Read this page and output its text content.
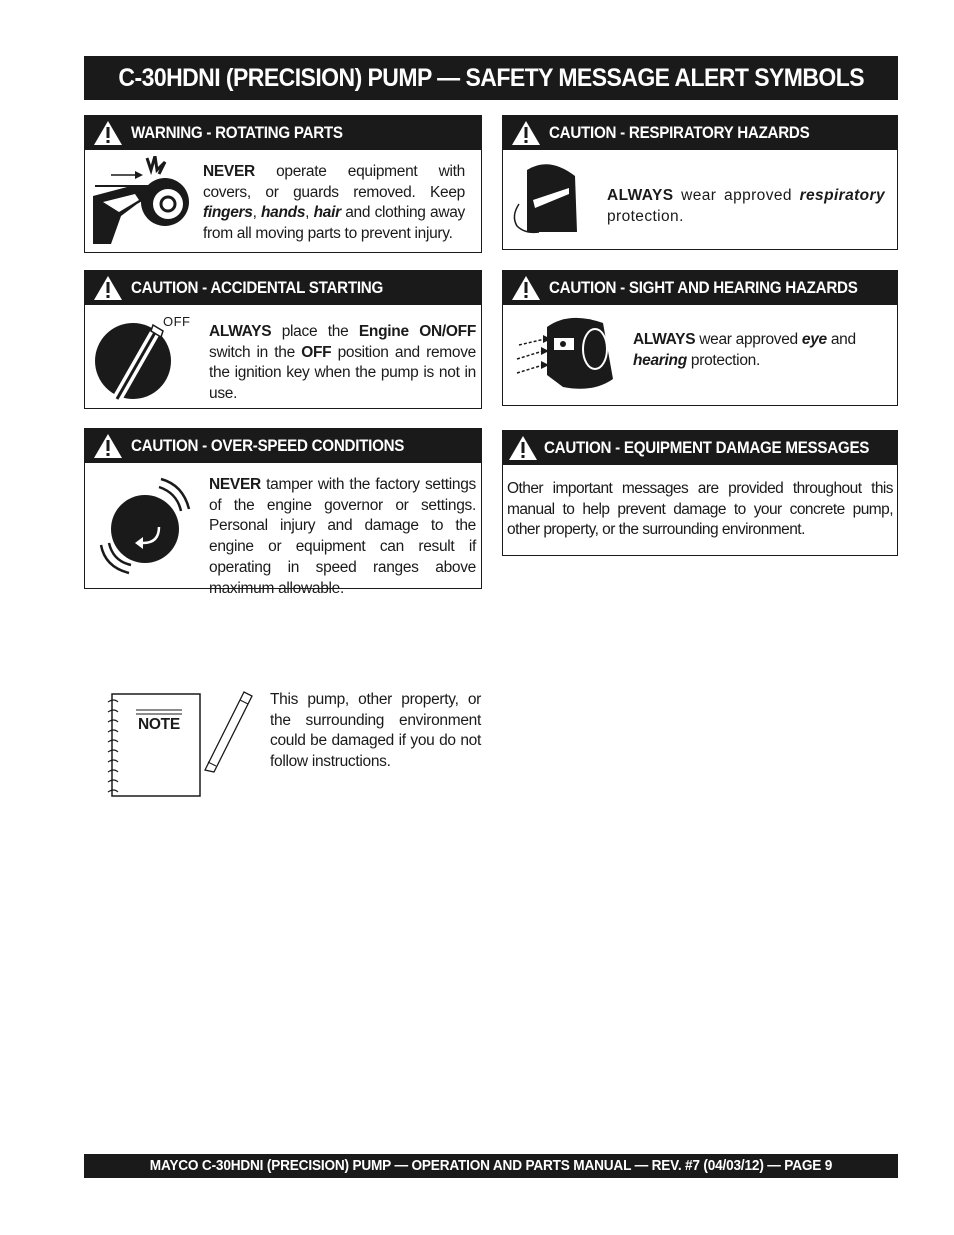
C-30HDNI (PRECISION) PUMP — SAFETY MESSAGE ALERT SYMBOLS
WARNING - ROTATING PARTS
NEVER operate equipment with covers, or guards removed. Keep fingers, hands, hair and clothing away from all moving parts to prevent injury.
CAUTION - RESPIRATORY HAZARDS
ALWAYS wear approved respiratory protection.
CAUTION - ACCIDENTAL STARTING
OFF
ALWAYS place the Engine ON/OFF switch in the OFF position and remove the ignition key when the pump is not in use.
CAUTION - SIGHT AND HEARING HAZARDS
ALWAYS wear approved eye and hearing protection.
CAUTION - OVER-SPEED CONDITIONS
NEVER tamper with the factory settings of the engine governor or settings. Personal injury and damage to the engine or equipment can result if operating in speed ranges above maximum allowable.
CAUTION - EQUIPMENT DAMAGE MESSAGES
Other important messages are provided throughout this manual to help prevent damage to your concrete pump, other property, or the surrounding environment.
NOTE
This pump, other property, or the surrounding environment could be damaged if you do not follow instructions.
MAYCO C-30HDNI (PRECISION) PUMP — OPERATION AND PARTS MANUAL — REV. #7 (04/03/12) — PAGE 9
